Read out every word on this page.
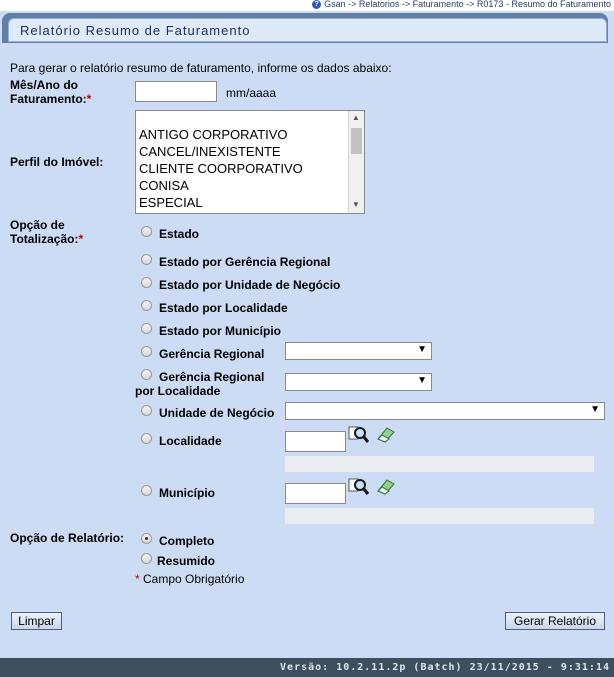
? Gsan -> Relatorios -> Faturamento -> R0173 - Resumo do Faturamento
Relatório Resumo de Faturamento
Para gerar o relatório resumo de faturamento, informe os dados abaixo:
Mês/Ano do
Faturamento:*	mm/aaaa
Perfil do Imóvel:
ANTIGO CORPORATIVO
CANCEL/INEXISTENTE
CLIENTE COORPORATIVO
CONISA
ESPECIAL
▲
▼
Opção de
Totalização:*	Estado
Estado por Gerência Regional
Estado por Unidade de Negócio
Estado por Localidade
Estado por Município
Gerência Regional	▼
Gerência Regional
por Localidade
▼
Unidade de Negócio	▼
Localidade
Município
Opção de Relatório:	Completo
Resumido
*
Campo Obrigatório
Limpar	Gerar Relatório
Versão: 10.2.11.2p (Batch) 23/11/2015 - 9:31:14
